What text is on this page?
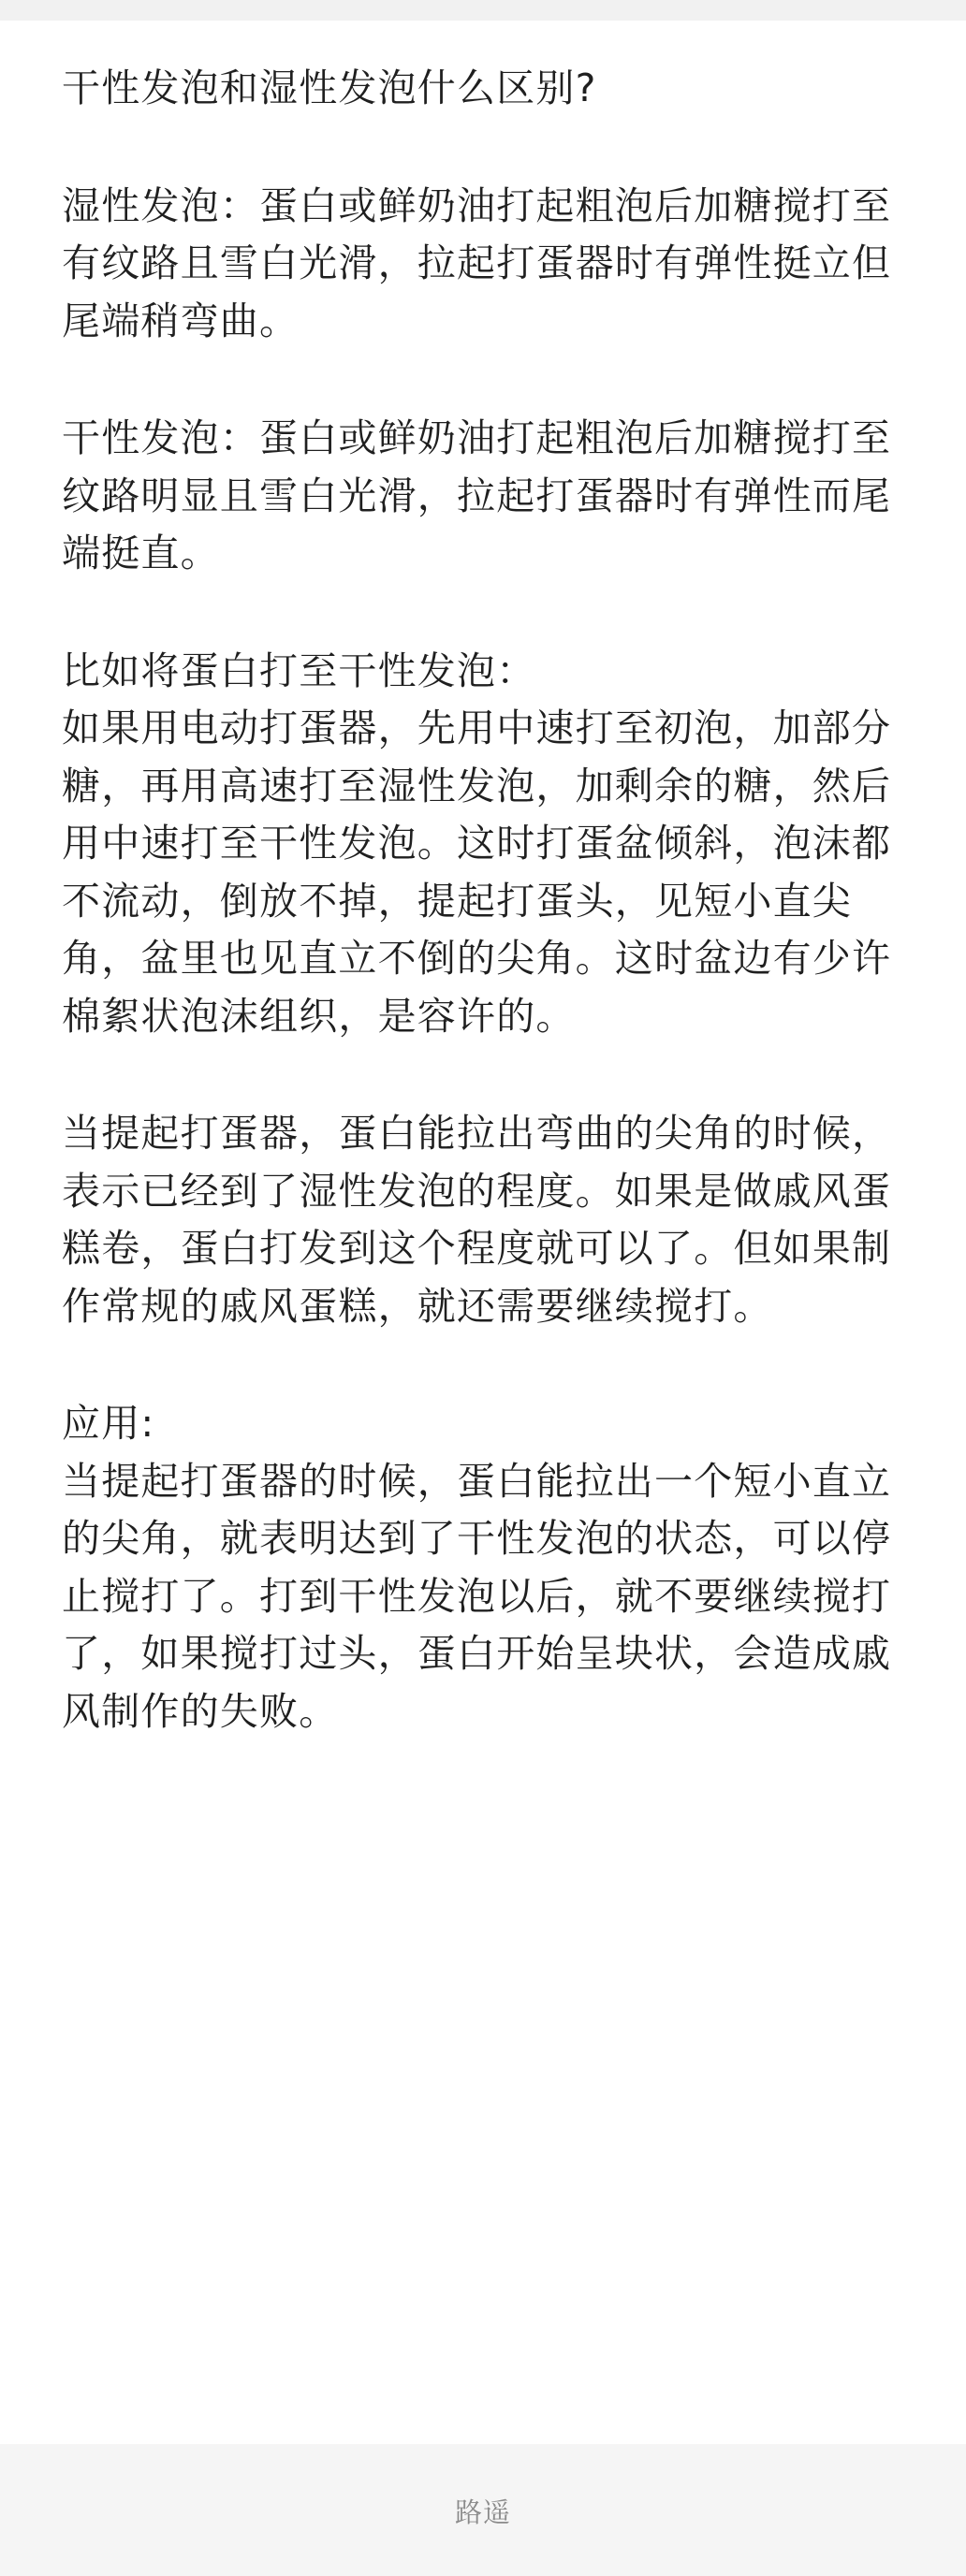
干性发泡和湿性发泡什么区别?

湿性发泡：蛋白或鲜奶油打起粗泡后加糖搅打至有纹路且雪白光滑，拉起打蛋器时有弹性挺立但尾端稍弯曲。

干性发泡：蛋白或鲜奶油打起粗泡后加糖搅打至纹路明显且雪白光滑，拉起打蛋器时有弹性而尾端挺直。

比如将蛋白打至干性发泡：

如果用电动打蛋器，先用中速打至初泡，加部分糖，再用高速打至湿性发泡，加剩余的糖，然后用中速打至干性发泡。这时打蛋盆倾斜，泡沫都不流动，倒放不掉，提起打蛋头，见短小直尖角，盆里也见直立不倒的尖角。这时盆边有少许棉絮状泡沫组织，是容许的。

当提起打蛋器，蛋白能拉出弯曲的尖角的时候，表示已经到了湿性发泡的程度。如果是做戚风蛋糕卷，蛋白打发到这个程度就可以了。但如果制作常规的戚风蛋糕，就还需要继续搅打。

应用:

当提起打蛋器的时候，蛋白能拉出一个短小直立的尖角，就表明达到了干性发泡的状态，可以停止搅打了。打到干性发泡以后，就不要继续搅打了，如果搅打过头，蛋白开始呈块状，会造成戚风制作的失败。

路遥
